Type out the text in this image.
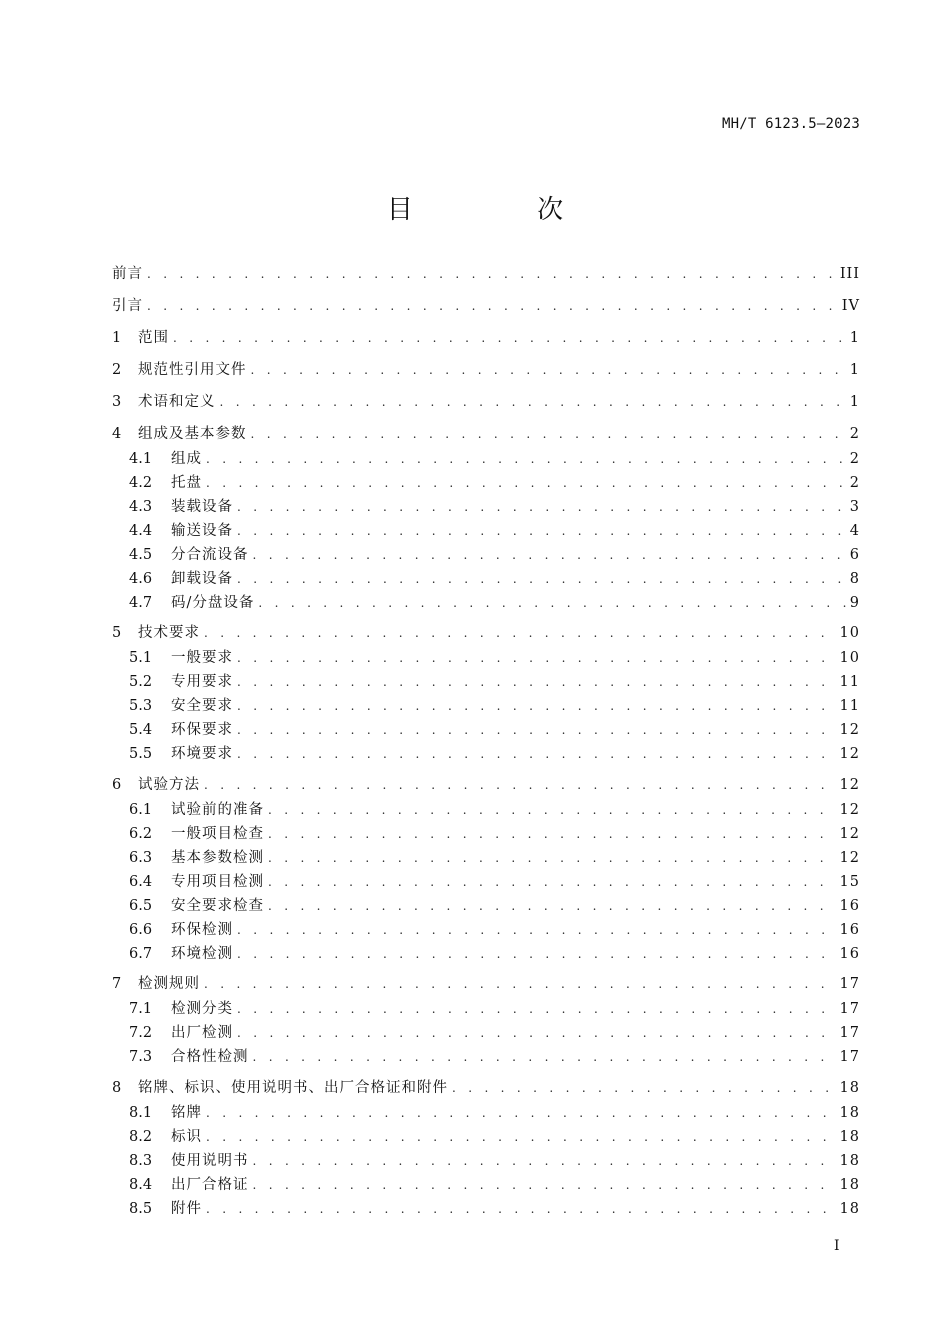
MH/T 6123.5—2023
目 次
前言 . . .	III
引言 . . .	IV
1	范围 . . .	1
2	规范性引用文件 . . .	1
3	术语和定义 . . .	1
4	组成及基本参数 . . .	2
4.1	组成 . . .	2
4.2	托盘 . . .	2
4.3	装载设备 . . .	3
4.4	输送设备 . . .	4
4.5	分合流设备 . . .	6
4.6	卸载设备 . . .	8
4.7	码/分盘设备 . . .	9
5	技术要求 . . .	10
5.1	一般要求 . . .	10
5.2	专用要求 . . .	11
5.3	安全要求 . . .	11
5.4	环保要求 . . .	12
5.5	环境要求 . . .	12
6	试验方法 . . .	12
6.1	试验前的准备 . . .	12
6.2	一般项目检查 . . .	12
6.3	基本参数检测 . . .	12
6.4	专用项目检测 . . .	15
6.5	安全要求检查 . . .	16
6.6	环保检测 . . .	16
6.7	环境检测 . . .	16
7	检测规则 . . .	17
7.1	检测分类 . . .	17
7.2	出厂检测 . . .	17
7.3	合格性检测 . . .	17
8	铭牌、标识、使用说明书、出厂合格证和附件 . . .	18
8.1	铭牌 . . .	18
8.2	标识 . . .	18
8.3	使用说明书 . . .	18
8.4	出厂合格证 . . .	18
8.5	附件 . . .	18
I
